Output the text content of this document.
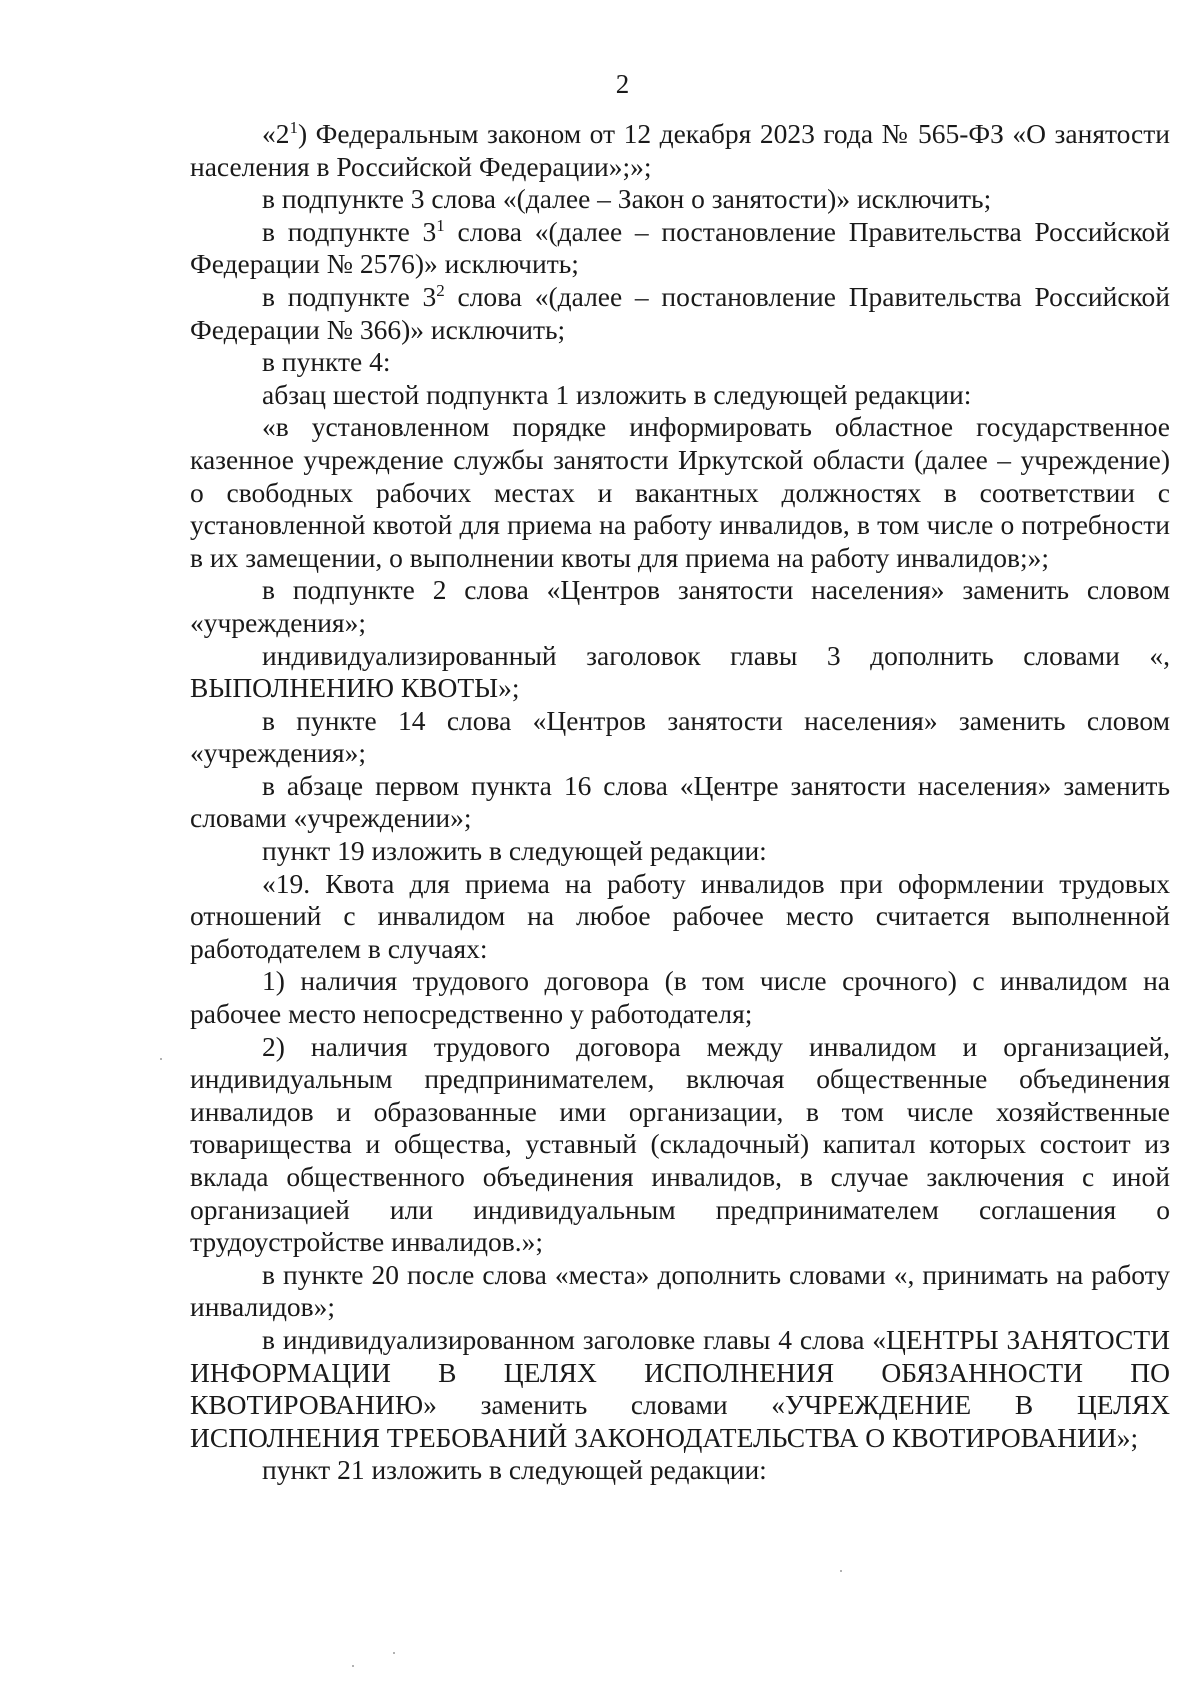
2

«$2^1$) Федеральным законом от 12 декабря 2023 года № 565-ФЗ «О занятости населения в Российской Федерации»;»;

в подпункте 3 слова «(далее – Закон о занятости)» исключить;

в подпункте $3^1$ слова «(далее – постановление Правительства Российской Федерации № 2576)» исключить;

в подпункте $3^2$ слова «(далее – постановление Правительства Российской Федерации № 366)» исключить;

в пункте 4:

абзац шестой подпункта 1 изложить в следующей редакции:

«в установленном порядке информировать областное государственное казенное учреждение службы занятости Иркутской области (далее – учреждение) о свободных рабочих местах и вакантных должностях в соответствии с установленной квотой для приема на работу инвалидов, в том числе о потребности в их замещении, о выполнении квоты для приема на работу инвалидов;»;

в подпункте 2 слова «Центров занятости населения» заменить словом «учреждения»;

индивидуализированный заголовок главы 3 дополнить словами «, ВЫПОЛНЕНИЮ КВОТЫ»;

в пункте 14 слова «Центров занятости населения» заменить словом «учреждения»;

в абзаце первом пункта 16 слова «Центре занятости населения» заменить словами «учреждении»;

пункт 19 изложить в следующей редакции:

«19. Квота для приема на работу инвалидов при оформлении трудовых отношений с инвалидом на любое рабочее место считается выполненной работодателем в случаях:

1) наличия трудового договора (в том числе срочного) с инвалидом на рабочее место непосредственно у работодателя;

2) наличия трудового договора между инвалидом и организацией, индивидуальным предпринимателем, включая общественные объединения инвалидов и образованные ими организации, в том числе хозяйственные товарищества и общества, уставный (складочный) капитал которых состоит из вклада общественного объединения инвалидов, в случае заключения с иной организацией или индивидуальным предпринимателем соглашения о трудоустройстве инвалидов.»;

в пункте 20 после слова «места» дополнить словами «, принимать на работу инвалидов»;

в индивидуализированном заголовке главы 4 слова «ЦЕНТРЫ ЗАНЯТОСТИ ИНФОРМАЦИИ В ЦЕЛЯХ ИСПОЛНЕНИЯ ОБЯЗАННОСТИ ПО КВОТИРОВАНИЮ» заменить словами «УЧРЕЖДЕНИЕ В ЦЕЛЯХ ИСПОЛНЕНИЯ ТРЕБОВАНИЙ ЗАКОНОДАТЕЛЬСТВА О КВОТИРОВАНИИ»;

пункт 21 изложить в следующей редакции:
